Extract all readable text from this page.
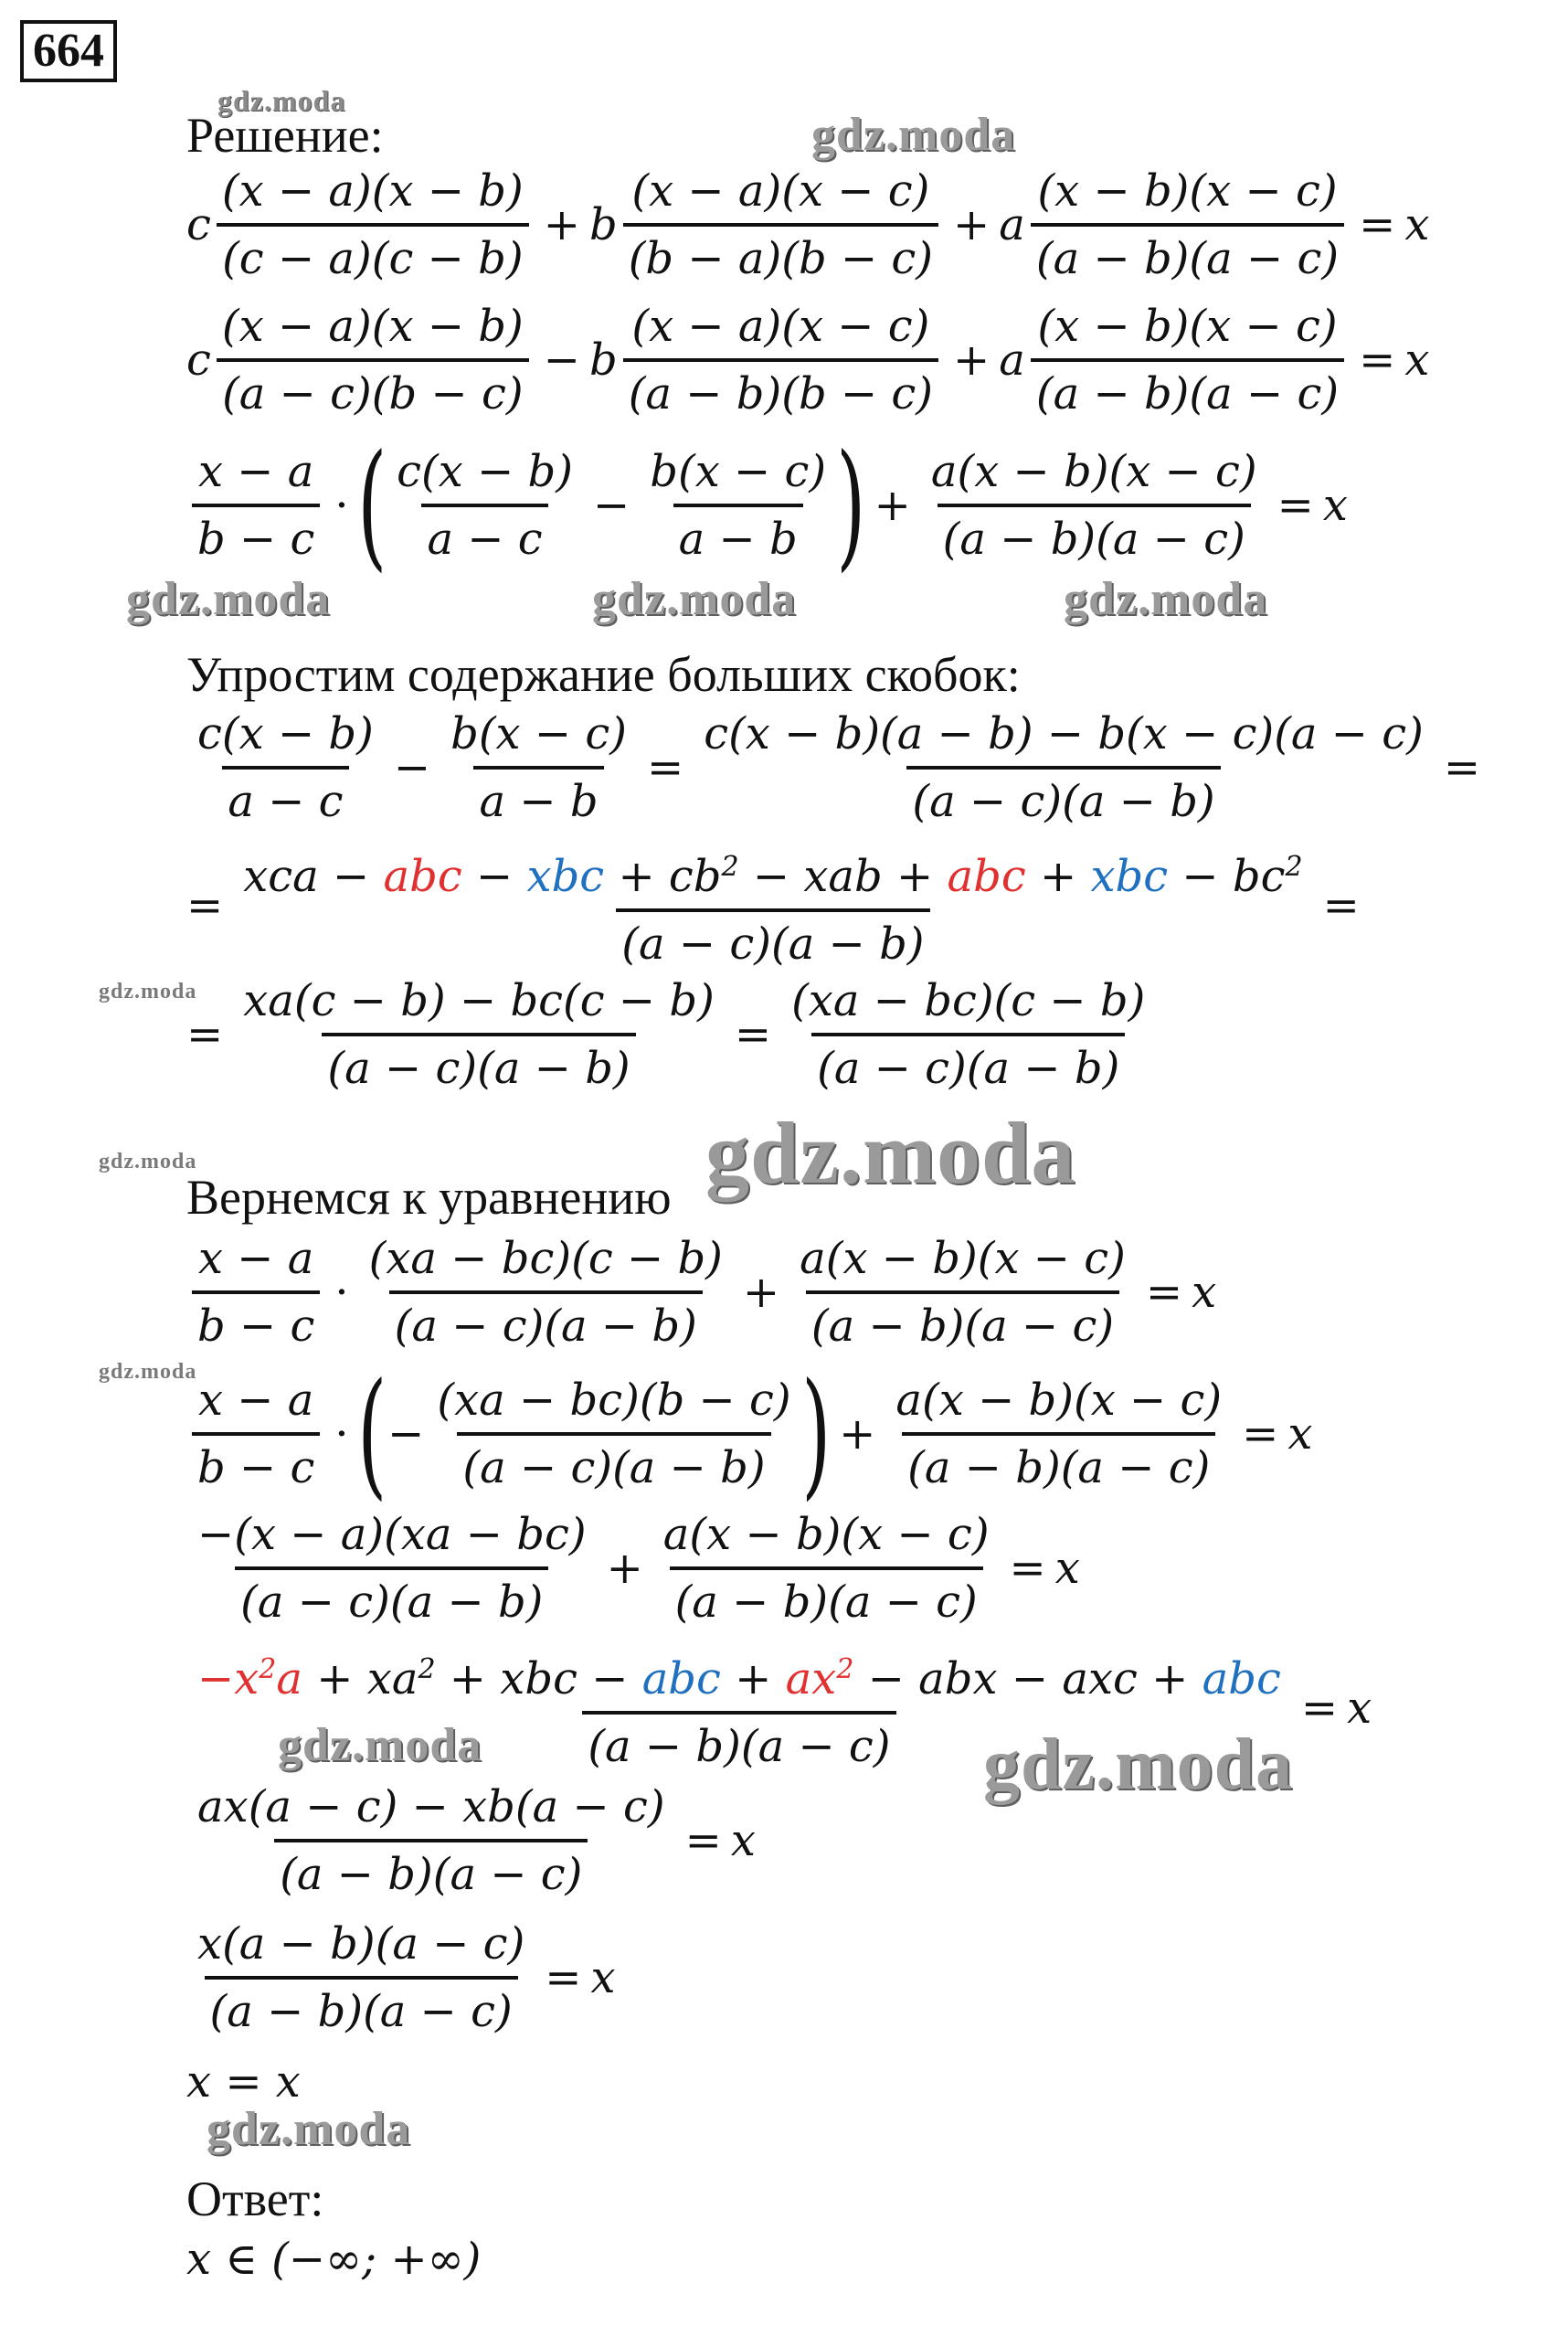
664
gdz.moda
gdz.moda
gdz.moda	gdz.moda	gdz.moda
gdz.moda
gdz.moda
gdz.moda
gdz.moda
gdz.moda	gdz.moda
gdz.moda
Решение:
c $\frac{(x - a)(x - b)}{(c - a)(c - b)} + b \frac{(x - a)(x - c)}{(b - a)(b - c)} + a \frac{(x - b)(x - c)}{(a - b)(a - c)} = x$
c $\frac{(x - a)(x - b)}{(a - c)(b - c)} - b \frac{(x - a)(x - c)}{(a - b)(b - c)} + a \frac{(x - b)(x - c)}{(a - b)(a - c)} = x$
$\frac{x - a}{b - c}$ · ( $\frac{c(x - b)}{a - c} - \frac{b(x - c)}{a - b}$ ) + $\frac{a(x - b)(x - c)}{(a - b)(a - c)} = x$
Упростим содержание больших скобок:
$\frac{c(x - b)}{a - c} - \frac{b(x - c)}{a - b} = \frac{c(x - b)(a - b) - b(x - c)(a - c)}{(a - c)(a - b)}$ =
= $\frac{xca - abc - xbc + cb^2 - xab + abc + xbc - bc^2}{(a - c)(a - b)}$ =
= $\frac{xa(c - b) - bc(c - b)}{(a - c)(a - b)} = \frac{(xa - bc)(c - b)}{(a - c)(a - b)}$
Вернемся к уравнению
$\frac{x - a}{b - c} \cdot \frac{(xa - bc)(c - b)}{(a - c)(a - b)} + \frac{a(x - b)(x - c)}{(a - b)(a - c)} = x$
$\frac{x - a}{b - c}$ · ( − $\frac{(xa - bc)(b - c)}{(a - c)(a - b)}$ ) + $\frac{a(x - b)(x - c)}{(a - b)(a - c)} = x$
$\frac{-(x - a)(xa - bc)}{(a - c)(a - b)} + \frac{a(x - b)(x - c)}{(a - b)(a - c)} = x$
$\frac{-x^2a + xa^2 + xbc - abc + ax^2 - abx - axc + abc}{(a - b)(a - c)} = x$
$\frac{ax(a - c) - xb(a - c)}{(a - b)(a - c)} = x$
$\frac{x(a - b)(a - c)}{(a - b)(a - c)} = x$
x = x
Ответ:
x ∈ (−∞; +∞)
